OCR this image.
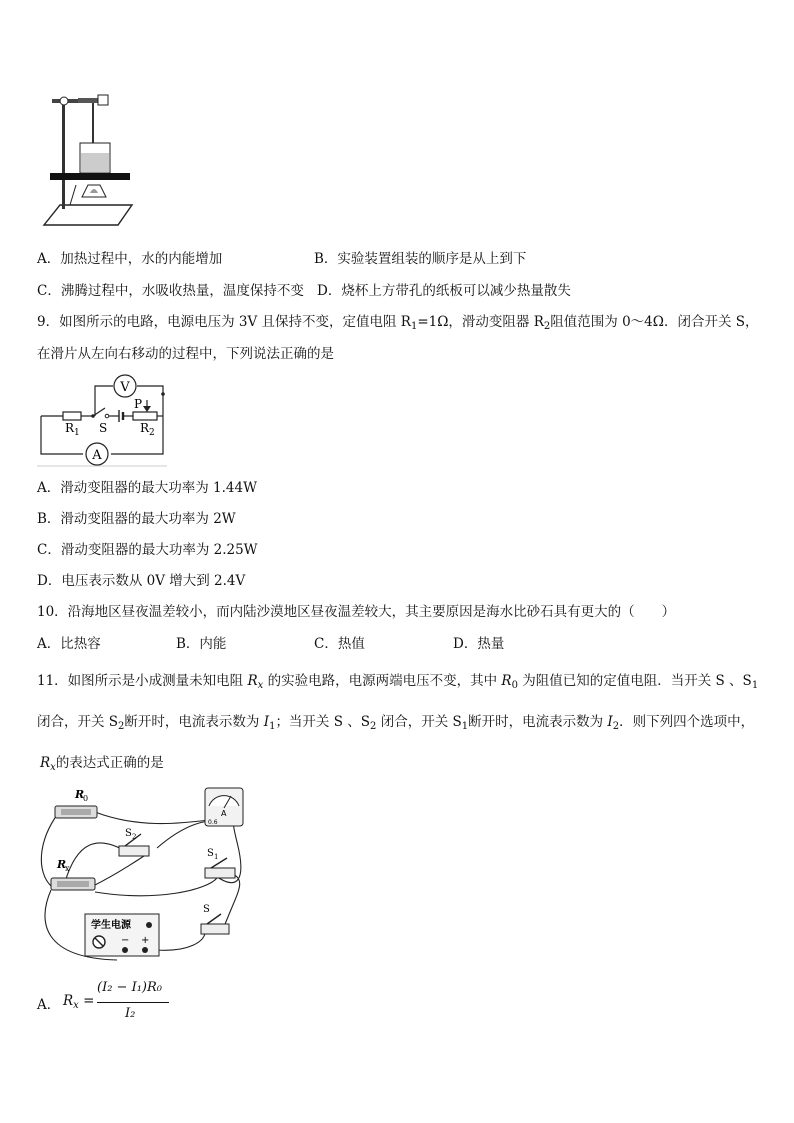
A．加热过程中，水的内能增加	B．实验装置组装的顺序是从上到下
C．沸腾过程中，水吸收热量，温度保持不变 D．烧杯上方带孔的纸板可以减少热量散失
9．如图所示的电路，电源电压为 3V 且保持不变，定值电阻 $R_1=1\Omega$，滑动变阻器 $R_2$阻值范围为 0～4Ω．闭合开关 S，
在滑片从左向右移动的过程中，下列说法正确的是
V
A
P
R 1 S	R 2
A．滑动变阻器的最大功率为 1.44W
B．滑动变阻器的最大功率为 2W
C．滑动变阻器的最大功率为 2.25W
D．电压表示数从 0V 增大到 2.4V
10．沿海地区昼夜温差较小，而内陆沙漠地区昼夜温差较大，其主要原因是海水比砂石具有更大的（　　）
A．比热容	B．内能	C．热值	D．热量
11．如图所示是小成测量未知电阻 $R_x$ 的实验电路，电源两端电压不变，其中 $R_0$ 为阻值已知的定值电阻．当开关 S 、$S_1$
闭合，开关 $S_2$断开时，电流表示数为 $I_1$；当开关 S 、$S_2$ 闭合，开关 $S_1$断开时，电流表示数为 $I_2$．则下列四个选项中，
$R_x$的表达式正确的是
R
0
R
x
A
0.6
S 2
S 1
S
学生电源
− +
A． $R_x$ =
(I₂ − I₁)R₀
I₂
